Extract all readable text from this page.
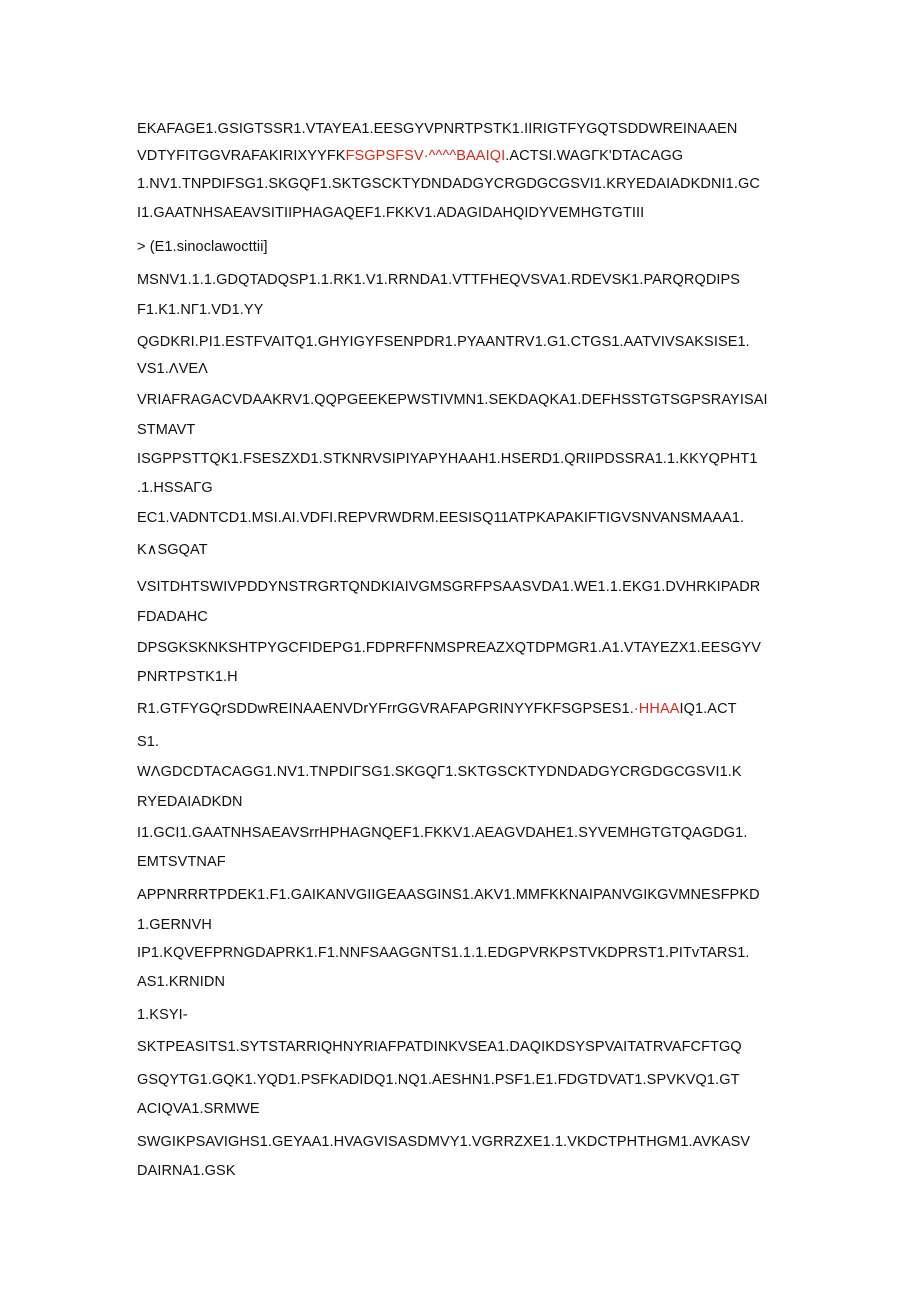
EKAFAGE1.GSIGTSSR1.VTAYEA1.EESGYVPNRTPSTK1.IIRIGTFYGQTSDDWREINAAEN
VDTYFITGGVRAFAKIRIXYYFKFSGPSFSV·^^^^BAAIQI.ACTSI.WAGΓK'DTACAGG
1.NV1.TNPDIFSG1.SKGQF1.SKTGSCKTYDNDADGYCRGDGCGSVI1.KRYEDAIADKDNI1.GC
I1.GAATNHSAEAVSITIIPHAGAQEF1.FKKV1.ADAGIDAHQIDYVEMHGTGTIII
> (E1.sinoclawocttii]
MSNV1.1.1.GDQTADQSP1.1.RK1.V1.RRNDA1.VTTFHEQVSVA1.RDEVSK1.PARQRQDIPS
F1.K1.NΓ1.VD1.YY
QGDKRI.PI1.ESTFVAITQ1.GHYIGYFSENPDR1.PYAANTRV1.G1.CTGS1.AATVIVSAKSISE1.
VS1.ΛVEΛ
VRIAFRAGACVDAAKRV1.QQPGEEKEPWSTIVMN1.SEKDAQKA1.DEFHSSTGTSGPSRAYISAI
STMAVT
ISGPPSTTQK1.FSESZXD1.STKNRVSIPIYAPYHAAH1.HSERD1.QRIIPDSSRA1.1.KKYQPHT1
.1.HSSAΓG
EC1.VADNTCD1.MSI.AI.VDFI.REPVRWDRM.EESISQ11ATPKAPAKIFTIGVSNVANSMAAA1.
K∧SGQAT
VSITDHTSWIVPDDYNSTRGRTQNDKIAIVGMSGRFPSAASVDA1.WE1.1.EKG1.DVHRKIPADR
FDADAHC
DPSGKSKNKSHTPYGCFIDEPG1.FDPRFFNMSPREAZXQTDPMGR1.A1.VTAYEZX1.EESGYV
PNRTPSTK1.H
R1.GTFYGQrSDDwREINAAENVDrYFrrGGVRAFAPGRINYYFKFSGPSES1.·HHAAIQ1.ACT
S1.
WΛGDCDTACAGG1.NV1.TNPDIΓSG1.SKGQΓ1.SKTGSCKTYDNDADGYCRGDGCGSVI1.K
RYEDAIADKDN
I1.GCI1.GAATNHSAEAVSrrHPHAGNQEF1.FKKV1.AEAGVDAHE1.SYVEMHGTGTQAGDG1.
EMTSVTNAF
APPNRRRTPDEK1.F1.GAIKANVGIIGEAASGINS1.AKV1.MMFKKNAIPANVGIKGVMNESFPKD
1.GERNVH
IP1.KQVEFPRNGDAPRK1.F1.NNFSAAGGNTS1.1.1.EDGPVRKPSTVKDPRST1.PITvTARS1.
AS1.KRNIDN
1.KSYI-
SKTPEASITS1.SYTSTARRIQHNYRIAFPATDINKVSEA1.DAQIKDSYSPVAITATRVAFCFTGQ
GSQYTG1.GQK1.YQD1.PSFKADIDQ1.NQ1.AESHN1.PSF1.E1.FDGTDVAT1.SPVKVQ1.GT
ACIQVA1.SRMWE
SWGIKPSAVIGHS1.GEYAA1.HVAGVISASDMVY1.VGRRZXE1.1.VKDCTPHTHGM1.AVKASV
DAIRNA1.GSK
